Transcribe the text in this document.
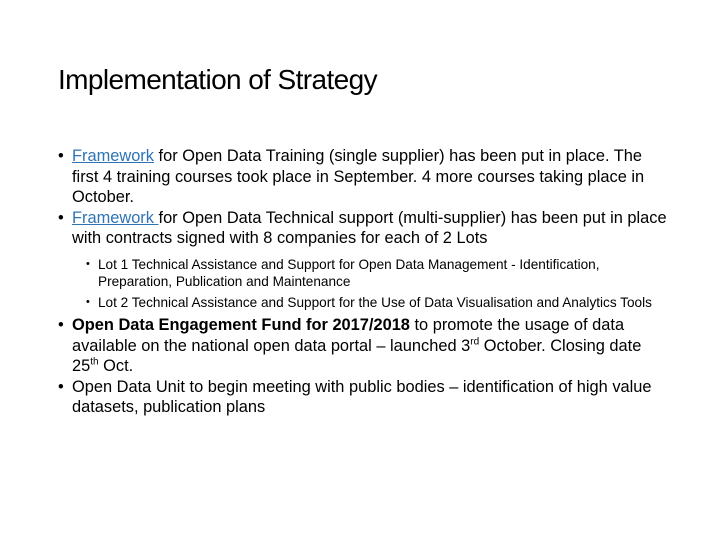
Implementation of Strategy

• Framework for Open Data Training (single supplier) has been put in place. The first 4 training courses took place in September. 4 more courses taking place in October.

• Framework for Open Data Technical support (multi-supplier) has been put in place with contracts signed with 8 companies for each of 2 Lots

• Lot 1 Technical Assistance and Support for Open Data Management - Identification, Preparation, Publication and Maintenance

• Lot 2 Technical Assistance and Support for the Use of Data Visualisation and Analytics Tools

• Open Data Engagement Fund for 2017/2018 to promote the usage of data available on the national open data portal – launched 3rd October. Closing date 25th Oct.

• Open Data Unit to begin meeting with public bodies – identification of high value datasets, publication plans
